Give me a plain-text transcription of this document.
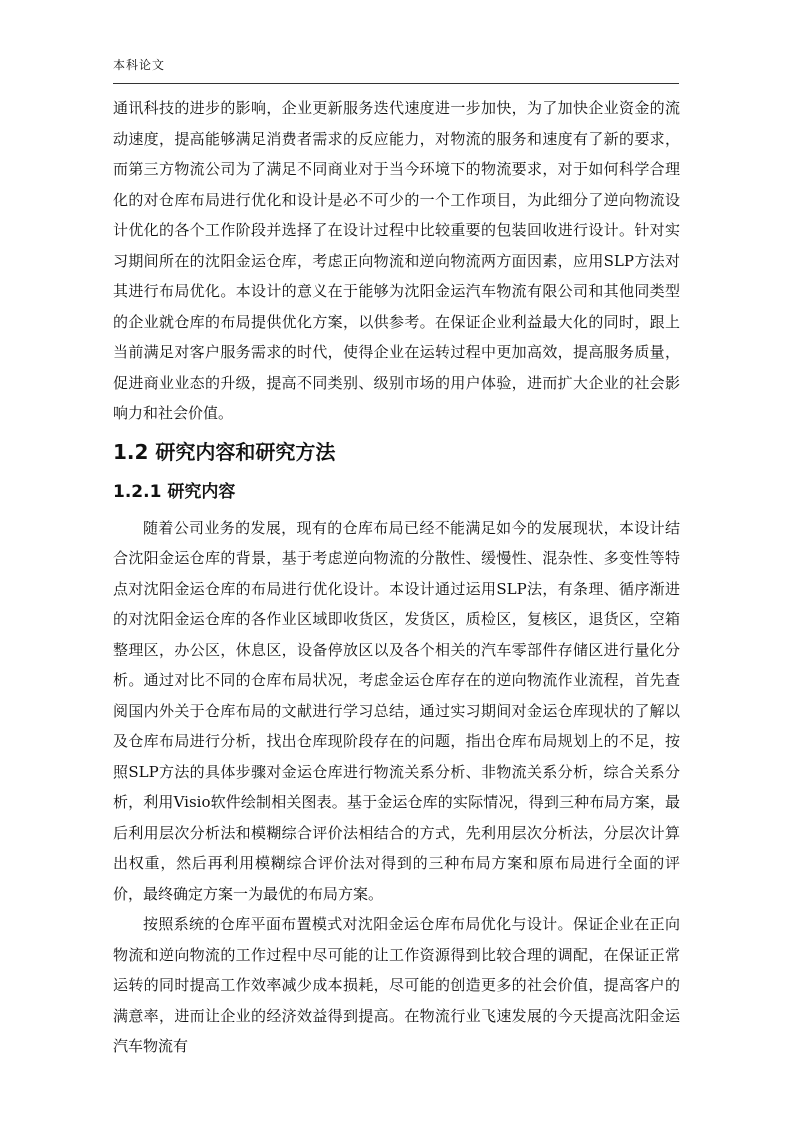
本科论文

通讯科技的进步的影响，企业更新服务迭代速度进一步加快，为了加快企业资金的流动速度，提高能够满足消费者需求的反应能力，对物流的服务和速度有了新的要求，而第三方物流公司为了满足不同商业对于当今环境下的物流要求，对于如何科学合理化的对仓库布局进行优化和设计是必不可少的一个工作项目，为此细分了逆向物流设计优化的各个工作阶段并选择了在设计过程中比较重要的包装回收进行设计。针对实习期间所在的沈阳金运仓库，考虑正向物流和逆向物流两方面因素，应用SLP方法对其进行布局优化。本设计的意义在于能够为沈阳金运汽车物流有限公司和其他同类型的企业就仓库的布局提供优化方案，以供参考。在保证企业利益最大化的同时，跟上当前满足对客户服务需求的时代，使得企业在运转过程中更加高效，提高服务质量，促进商业业态的升级，提高不同类别、级别市场的用户体验，进而扩大企业的社会影响力和社会价值。

1.2 研究内容和研究方法
1.2.1 研究内容

随着公司业务的发展，现有的仓库布局已经不能满足如今的发展现状，本设计结合沈阳金运仓库的背景，基于考虑逆向物流的分散性、缓慢性、混杂性、多变性等特点对沈阳金运仓库的布局进行优化设计。本设计通过运用SLP法，有条理、循序渐进的对沈阳金运仓库的各作业区域即收货区，发货区，质检区，复核区，退货区，空箱整理区，办公区，休息区，设备停放区以及各个相关的汽车零部件存储区进行量化分析。通过对比不同的仓库布局状况，考虑金运仓库存在的逆向物流作业流程，首先查阅国内外关于仓库布局的文献进行学习总结，通过实习期间对金运仓库现状的了解以及仓库布局进行分析，找出仓库现阶段存在的问题，指出仓库布局规划上的不足，按照SLP方法的具体步骤对金运仓库进行物流关系分析、非物流关系分析，综合关系分析，利用Visio软件绘制相关图表。基于金运仓库的实际情况，得到三种布局方案，最后利用层次分析法和模糊综合评价法相结合的方式，先利用层次分析法，分层次计算出权重，然后再利用模糊综合评价法对得到的三种布局方案和原布局进行全面的评价，最终确定方案一为最优的布局方案。

按照系统的仓库平面布置模式对沈阳金运仓库布局优化与设计。保证企业在正向物流和逆向物流的工作过程中尽可能的让工作资源得到比较合理的调配，在保证正常运转的同时提高工作效率减少成本损耗，尽可能的创造更多的社会价值，提高客户的满意率，进而让企业的经济效益得到提高。在物流行业飞速发展的今天提高沈阳金运汽车物流有
